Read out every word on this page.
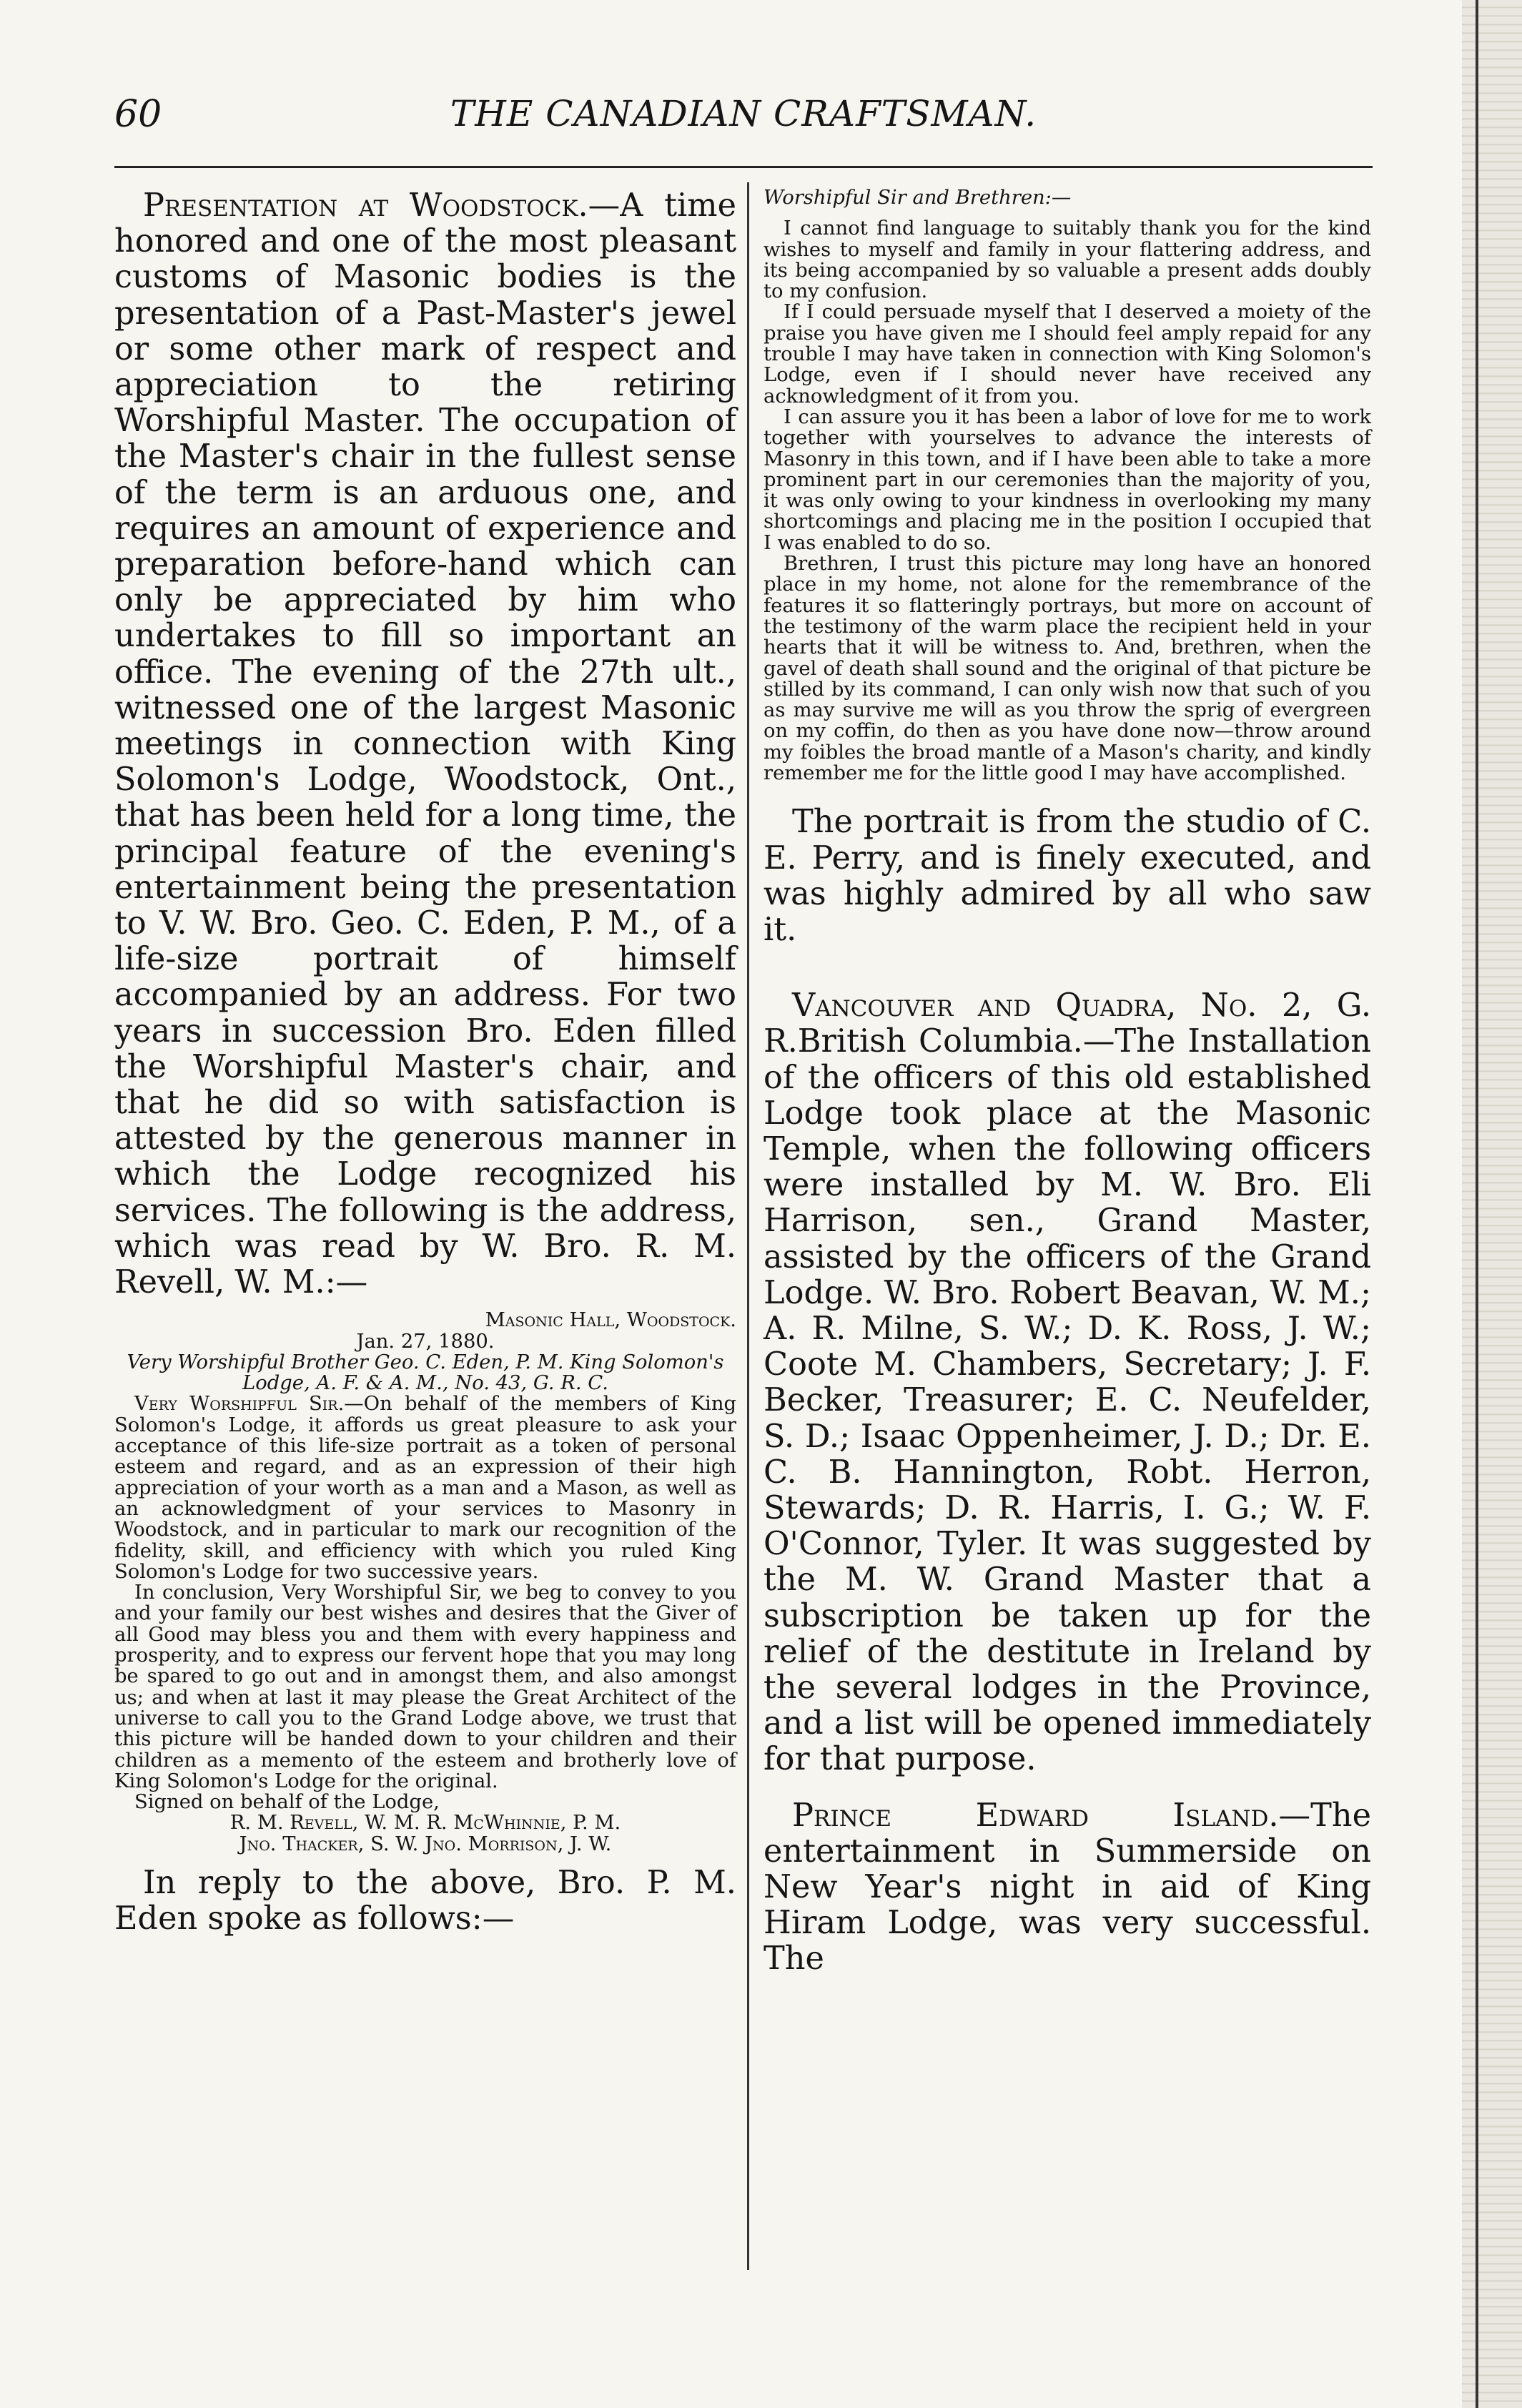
60	THE CANADIAN CRAFTSMAN.

Presentation at Woodstock.—A time honored and one of the most pleasant customs of Masonic bodies is the presentation of a Past-Master's jewel or some other mark of respect and appreciation to the retiring Worshipful Master. The occupation of the Master's chair in the fullest sense of the term is an arduous one, and requires an amount of experience and preparation before-hand which can only be appreciated by him who undertakes to fill so important an office. The evening of the 27th ult., witnessed one of the largest Masonic meetings in connection with King Solomon's Lodge, Woodstock, Ont., that has been held for a long time, the principal feature of the evening's entertainment being the presentation to V. W. Bro. Geo. C. Eden, P. M., of a life-size portrait of himself accompanied by an address. For two years in succession Bro. Eden filled the Worshipful Master's chair, and that he did so with satisfaction is attested by the generous manner in which the Lodge recognized his services. The following is the address, which was read by W. Bro. R. M. Revell, W. M.:—

Masonic Hall, Woodstock.

Jan. 27, 1880.

Very Worshipful Brother Geo. C. Eden, P. M. King Solomon's Lodge, A. F. & A. M., No. 43, G. R. C.

Very Worshipful Sir.—On behalf of the members of King Solomon's Lodge, it affords us great pleasure to ask your acceptance of this life-size portrait as a token of personal esteem and regard, and as an expression of their high appreciation of your worth as a man and a Mason, as well as an acknowledgment of your services to Masonry in Woodstock, and in particular to mark our recognition of the fidelity, skill, and efficiency with which you ruled King Solomon's Lodge for two successive years.

In conclusion, Very Worshipful Sir, we beg to convey to you and your family our best wishes and desires that the Giver of all Good may bless you and them with every happiness and prosperity, and to express our fervent hope that you may long be spared to go out and in amongst them, and also amongst us; and when at last it may please the Great Architect of the universe to call you to the Grand Lodge above, we trust that this picture will be handed down to your children and their children as a memento of the esteem and brotherly love of King Solomon's Lodge for the original.

Signed on behalf of the Lodge,

R. M. Revell, W. M. R. McWhinnie, P. M.

Jno. Thacker, S. W. Jno. Morrison, J. W.

In reply to the above, Bro. P. M. Eden spoke as follows:—

Worshipful Sir and Brethren:—

I cannot find language to suitably thank you for the kind wishes to myself and family in your flattering address, and its being accompanied by so valuable a present adds doubly to my confusion.

If I could persuade myself that I deserved a moiety of the praise you have given me I should feel amply repaid for any trouble I may have taken in connection with King Solomon's Lodge, even if I should never have received any acknowledgment of it from you.

I can assure you it has been a labor of love for me to work together with yourselves to advance the interests of Masonry in this town, and if I have been able to take a more prominent part in our ceremonies than the majority of you, it was only owing to your kindness in overlooking my many shortcomings and placing me in the position I occupied that I was enabled to do so.

Brethren, I trust this picture may long have an honored place in my home, not alone for the remembrance of the features it so flatteringly portrays, but more on account of the testimony of the warm place the recipient held in your hearts that it will be witness to. And, brethren, when the gavel of death shall sound and the original of that picture be stilled by its command, I can only wish now that such of you as may survive me will as you throw the sprig of evergreen on my coffin, do then as you have done now—throw around my foibles the broad mantle of a Mason's charity, and kindly remember me for the little good I may have accomplished.

The portrait is from the studio of C. E. Perry, and is finely executed, and was highly admired by all who saw it.

Vancouver and Quadra, No. 2, G. R.British Columbia.—The Installation of the officers of this old established Lodge took place at the Masonic Temple, when the following officers were installed by M. W. Bro. Eli Harrison, sen., Grand Master, assisted by the officers of the Grand Lodge. W. Bro. Robert Beavan, W. M.; A. R. Milne, S. W.; D. K. Ross, J. W.; Coote M. Chambers, Secretary; J. F. Becker, Treasurer; E. C. Neufelder, S. D.; Isaac Oppenheimer, J. D.; Dr. E. C. B. Hannington, Robt. Herron, Stewards; D. R. Harris, I. G.; W. F. O'Connor, Tyler. It was suggested by the M. W. Grand Master that a subscription be taken up for the relief of the destitute in Ireland by the several lodges in the Province, and a list will be opened immediately for that purpose.

Prince Edward Island.—The entertainment in Summerside on New Year's night in aid of King Hiram Lodge, was very successful. The
